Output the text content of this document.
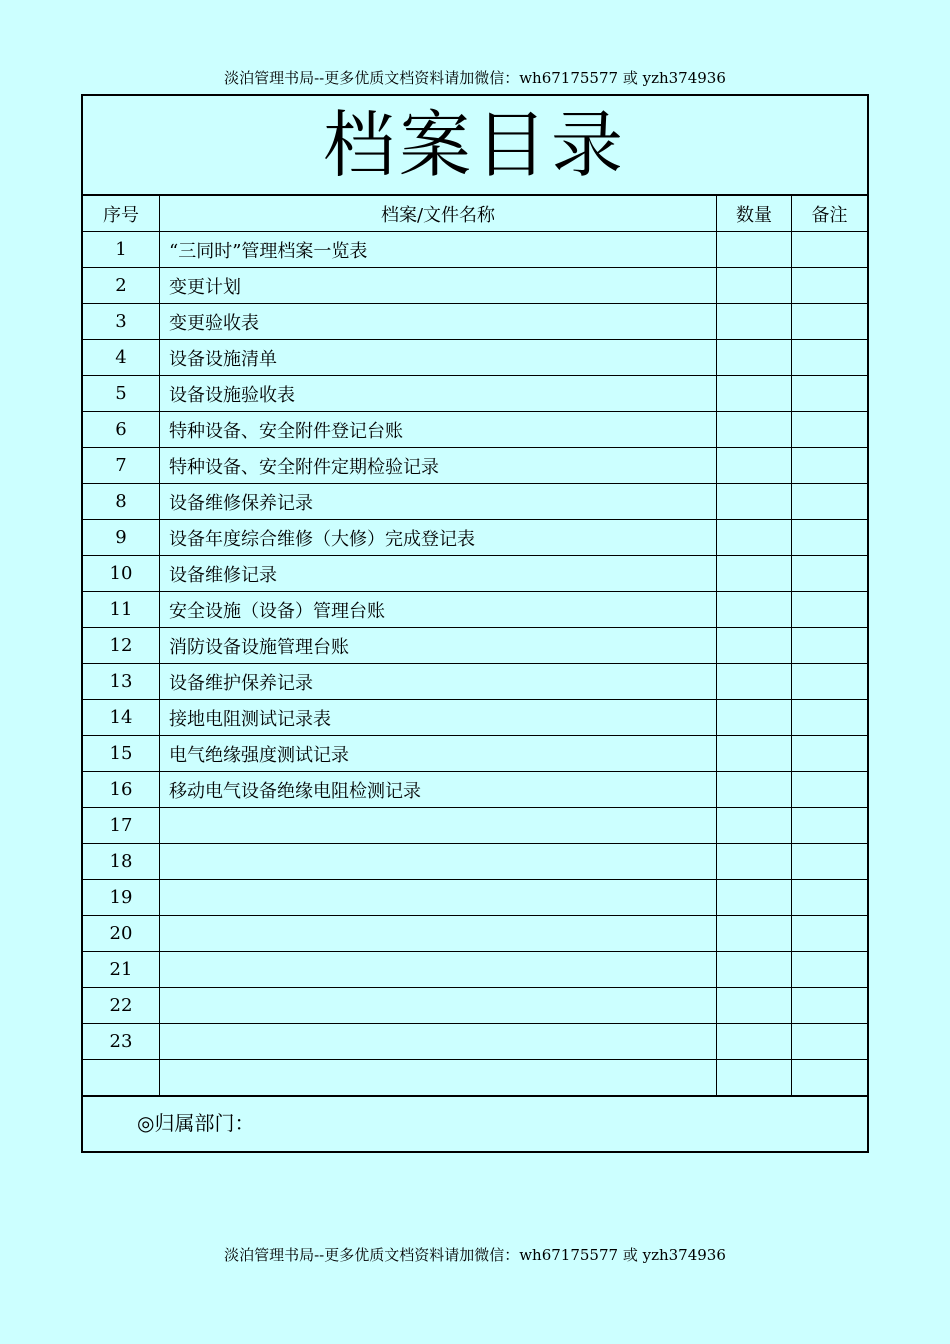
淡泊管理书局--更多优质文档资料请加微信：wh67175577 或 yzh374936
档案目录
序号	档案/文件名称	数量	备注
1	“三同时”管理档案一览表		
2	变更计划		
3	变更验收表		
4	设备设施清单		
5	设备设施验收表		
6	特种设备、安全附件登记台账		
7	特种设备、安全附件定期检验记录		
8	设备维修保养记录		
9	设备年度综合维修（大修）完成登记表		
10	设备维修记录		
11	安全设施（设备）管理台账		
12	消防设备设施管理台账		
13	设备维护保养记录		
14	接地电阻测试记录表		
15	电气绝缘强度测试记录		
16	移动电气设备绝缘电阻检测记录		
17			
18			
19			
20			
21			
22			
23			

◎归属部门：
淡泊管理书局--更多优质文档资料请加微信：wh67175577 或 yzh374936
